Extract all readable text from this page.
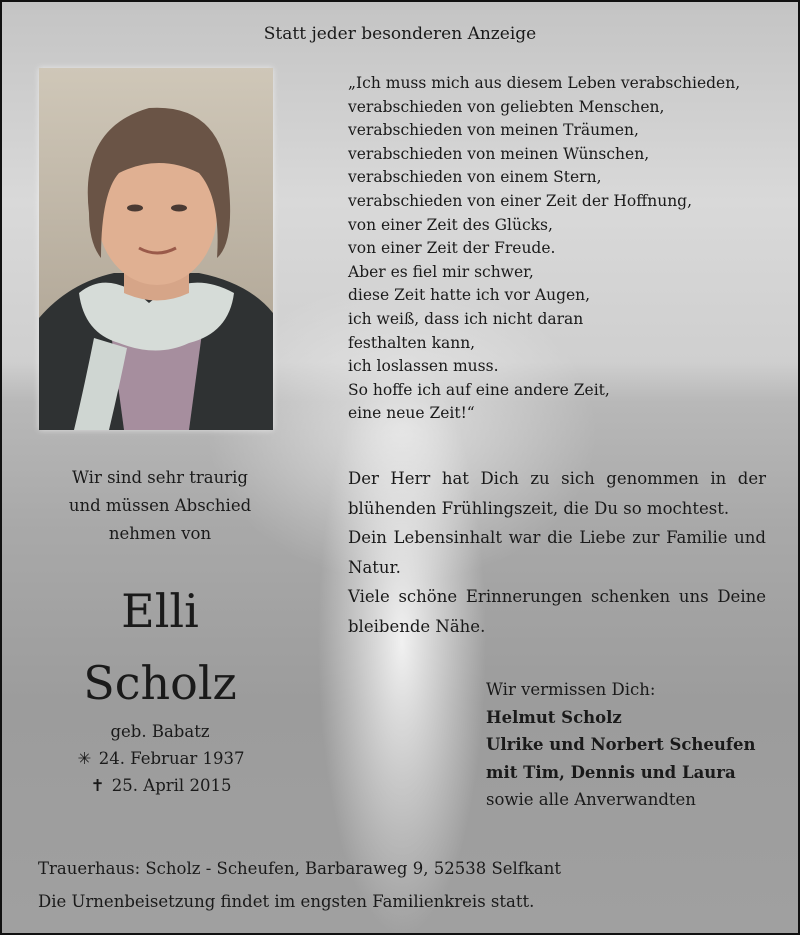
Statt jeder besonderen Anzeige
„Ich muss mich aus diesem Leben verabschieden,
verabschieden von geliebten Menschen,
verabschieden von meinen Träumen,
verabschieden von meinen Wünschen,
verabschieden von einem Stern,
verabschieden von einer Zeit der Hoffnung,
von einer Zeit des Glücks,
von einer Zeit der Freude.
Aber es fiel mir schwer,
diese Zeit hatte ich vor Augen,
ich weiß, dass ich nicht daran
festhalten kann,
ich loslassen muss.
So hoffe ich auf eine andere Zeit,
eine neue Zeit!“
Wir sind sehr traurig
und müssen Abschied
nehmen von
Elli
Scholz
geb. Babatz
✳ 24. Februar 1937
✝ 25. April 2015

Der Herr hat Dich zu sich genommen in der blühenden Frühlingszeit, die Du so mochtest.

Dein Lebensinhalt war die Liebe zur Familie und Natur.

Viele schöne Erinnerungen schenken uns Deine bleibende Nähe.

Wir vermissen Dich:
Helmut Scholz
Ulrike und Norbert Scheufen
mit Tim, Dennis und Laura
sowie alle Anverwandten
Trauerhaus: Scholz - Scheufen, Barbaraweg 9, 52538 Selfkant
Die Urnenbeisetzung findet im engsten Familienkreis statt.
